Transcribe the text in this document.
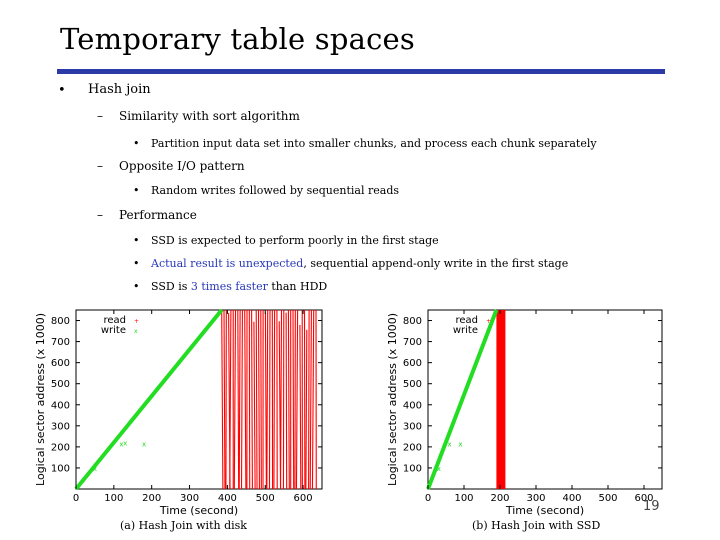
Temporary table spaces
• Hash join
– Similarity with sort algorithm
• Partition input data set into smaller chunks, and process each chunk separately
– Opposite I/O pattern
• Random writes followed by sequential reads
– Performance
• SSD is expected to perform poorly in the first stage
• Actual result is unexpected, sequential append-only write in the first stage
• SSD is 3 times faster than HDD
x
x x x
100
200
300
400
500
600
700
800
0	100 200 300 400 500 600
Time (second)
Logical sector address (x 1000)	read +
write x
x
x x
100
200
300
400
500
600
700
800
0 100 200 300 400 500 600
Time (second)
Logical sector address (x 1000)	read +
write x
(a) Hash Join with disk	(b) Hash Join with SSD
19
